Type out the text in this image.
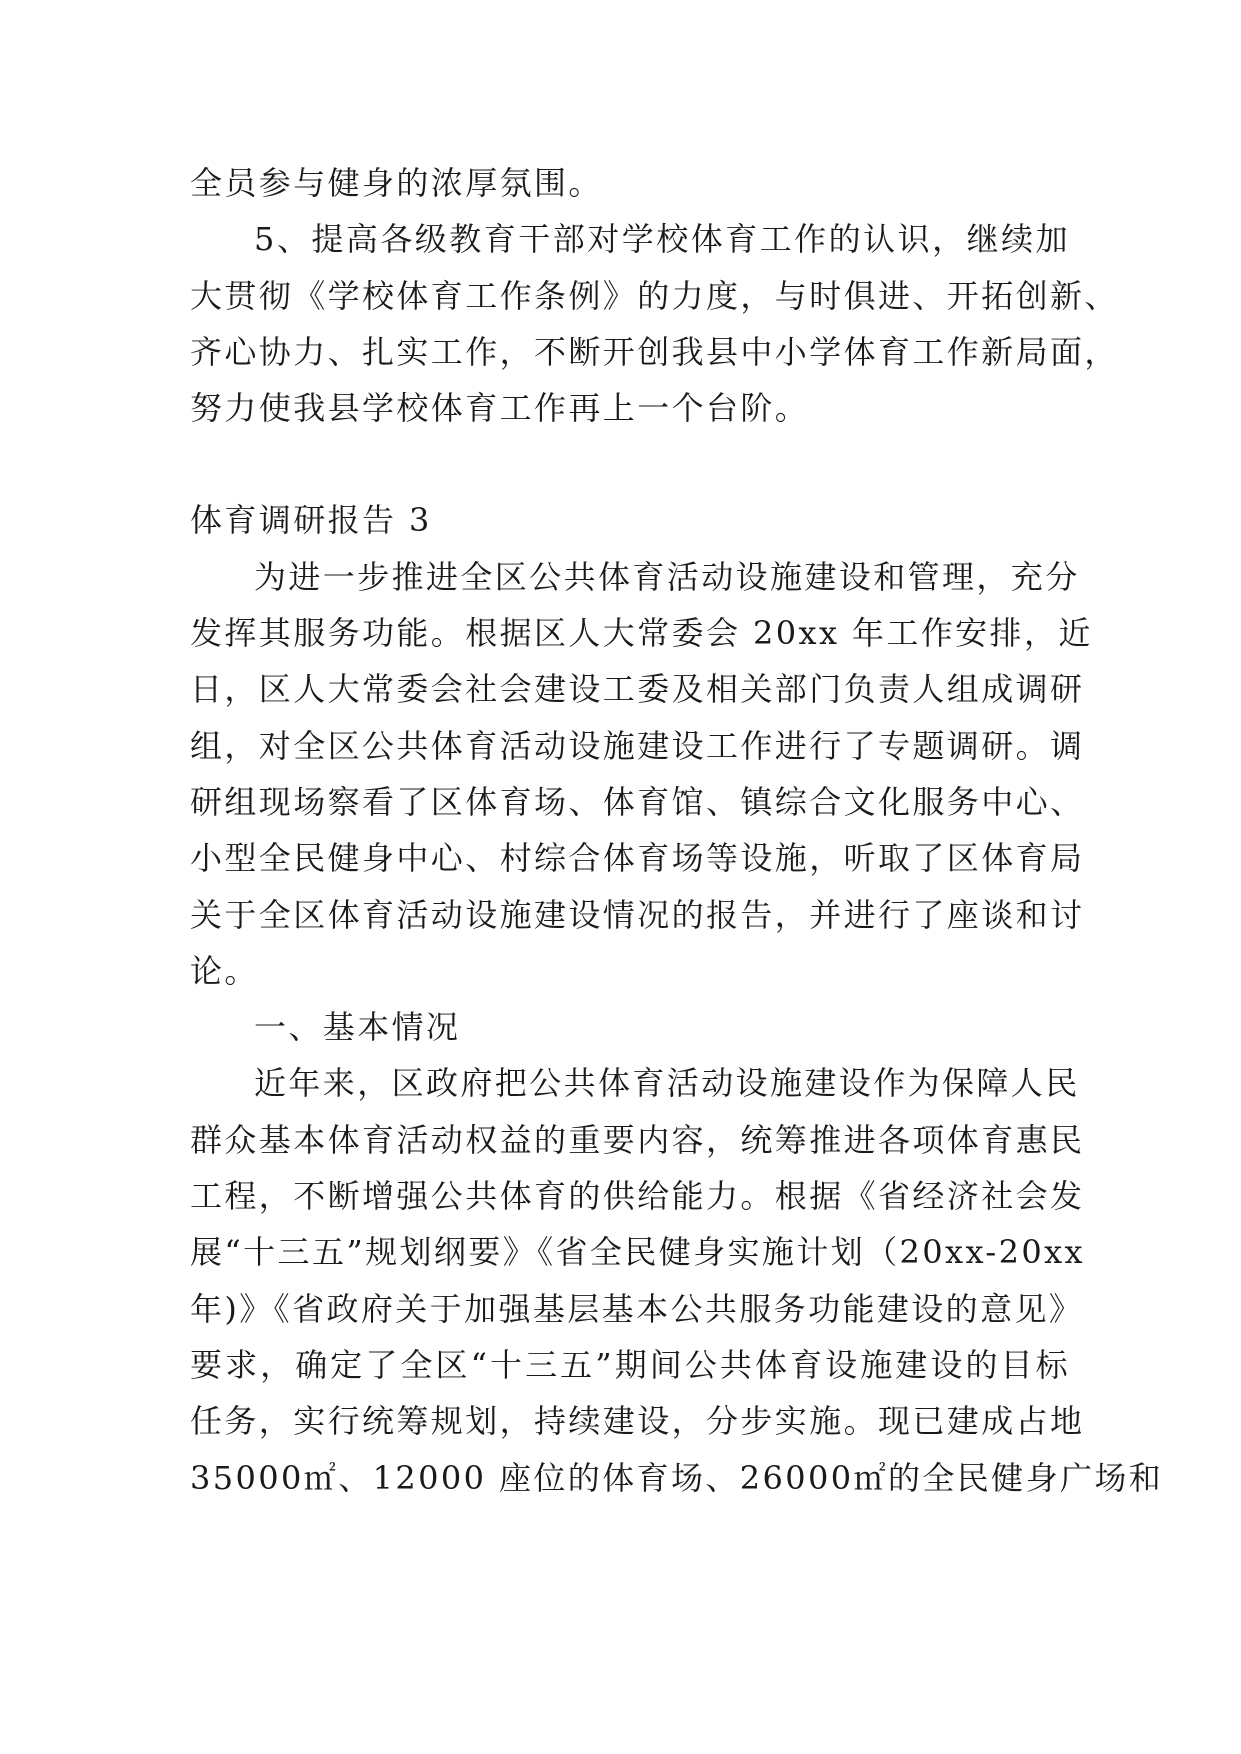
全员参与健身的浓厚氛围。
5、提高各级教育干部对学校体育工作的认识，继续加
大贯彻《学校体育工作条例》的力度，与时俱进、开拓创新、
齐心协力、扎实工作，不断开创我县中小学体育工作新局面，
努力使我县学校体育工作再上一个台阶。
体育调研报告 3
为进一步推进全区公共体育活动设施建设和管理，充分
发挥其服务功能。根据区人大常委会 20xx 年工作安排，近
日，区人大常委会社会建设工委及相关部门负责人组成调研
组，对全区公共体育活动设施建设工作进行了专题调研。调
研组现场察看了区体育场、体育馆、镇综合文化服务中心、
小型全民健身中心、村综合体育场等设施，听取了区体育局
关于全区体育活动设施建设情况的报告，并进行了座谈和讨
论。
一、基本情况
近年来，区政府把公共体育活动设施建设作为保障人民
群众基本体育活动权益的重要内容，统筹推进各项体育惠民
工程，不断增强公共体育的供给能力。根据《省经济社会发
展“十三五”规划纲要》《省全民健身实施计划（20xx-20xx
年)》《省政府关于加强基层基本公共服务功能建设的意见》
要求，确定了全区“十三五”期间公共体育设施建设的目标
任务，实行统筹规划，持续建设，分步实施。现已建成占地
35000㎡、12000 座位的体育场、26000㎡的全民健身广场和
